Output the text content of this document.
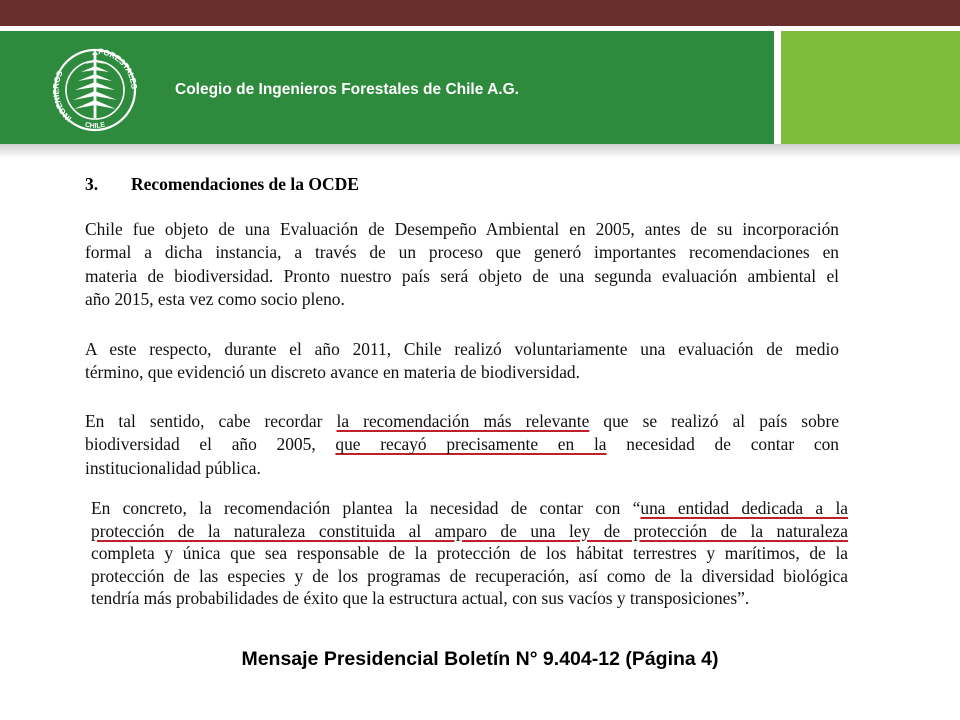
INGENIEROS
FORESTALES
CHILE
Colegio de Ingenieros Forestales de Chile A.G.
3. Recomendaciones de la OCDE
Chile fue objeto de una Evaluación de Desempeño Ambiental en 2005, antes de su incorporación
formal a dicha instancia, a través de un proceso que generó importantes recomendaciones en
materia de biodiversidad. Pronto nuestro país será objeto de una segunda evaluación ambiental el
año 2015, esta vez como socio pleno.
A este respecto, durante el año 2011, Chile realizó voluntariamente una evaluación de medio
término, que evidenció un discreto avance en materia de biodiversidad.
En tal sentido, cabe recordar la recomendación más relevante que se realizó al país sobre
biodiversidad el año 2005, que recayó precisamente en la necesidad de contar con
institucionalidad pública.
En concreto, la recomendación plantea la necesidad de contar con “una entidad dedicada a la
protección de la naturaleza constituida al amparo de una ley de protección de la naturaleza
completa y única que sea responsable de la protección de los hábitat terrestres y marítimos, de la
protección de las especies y de los programas de recuperación, así como de la diversidad biológica
tendría más probabilidades de éxito que la estructura actual, con sus vacíos y transposiciones”.
Mensaje Presidencial Boletín N° 9.404-12 (Página 4)
